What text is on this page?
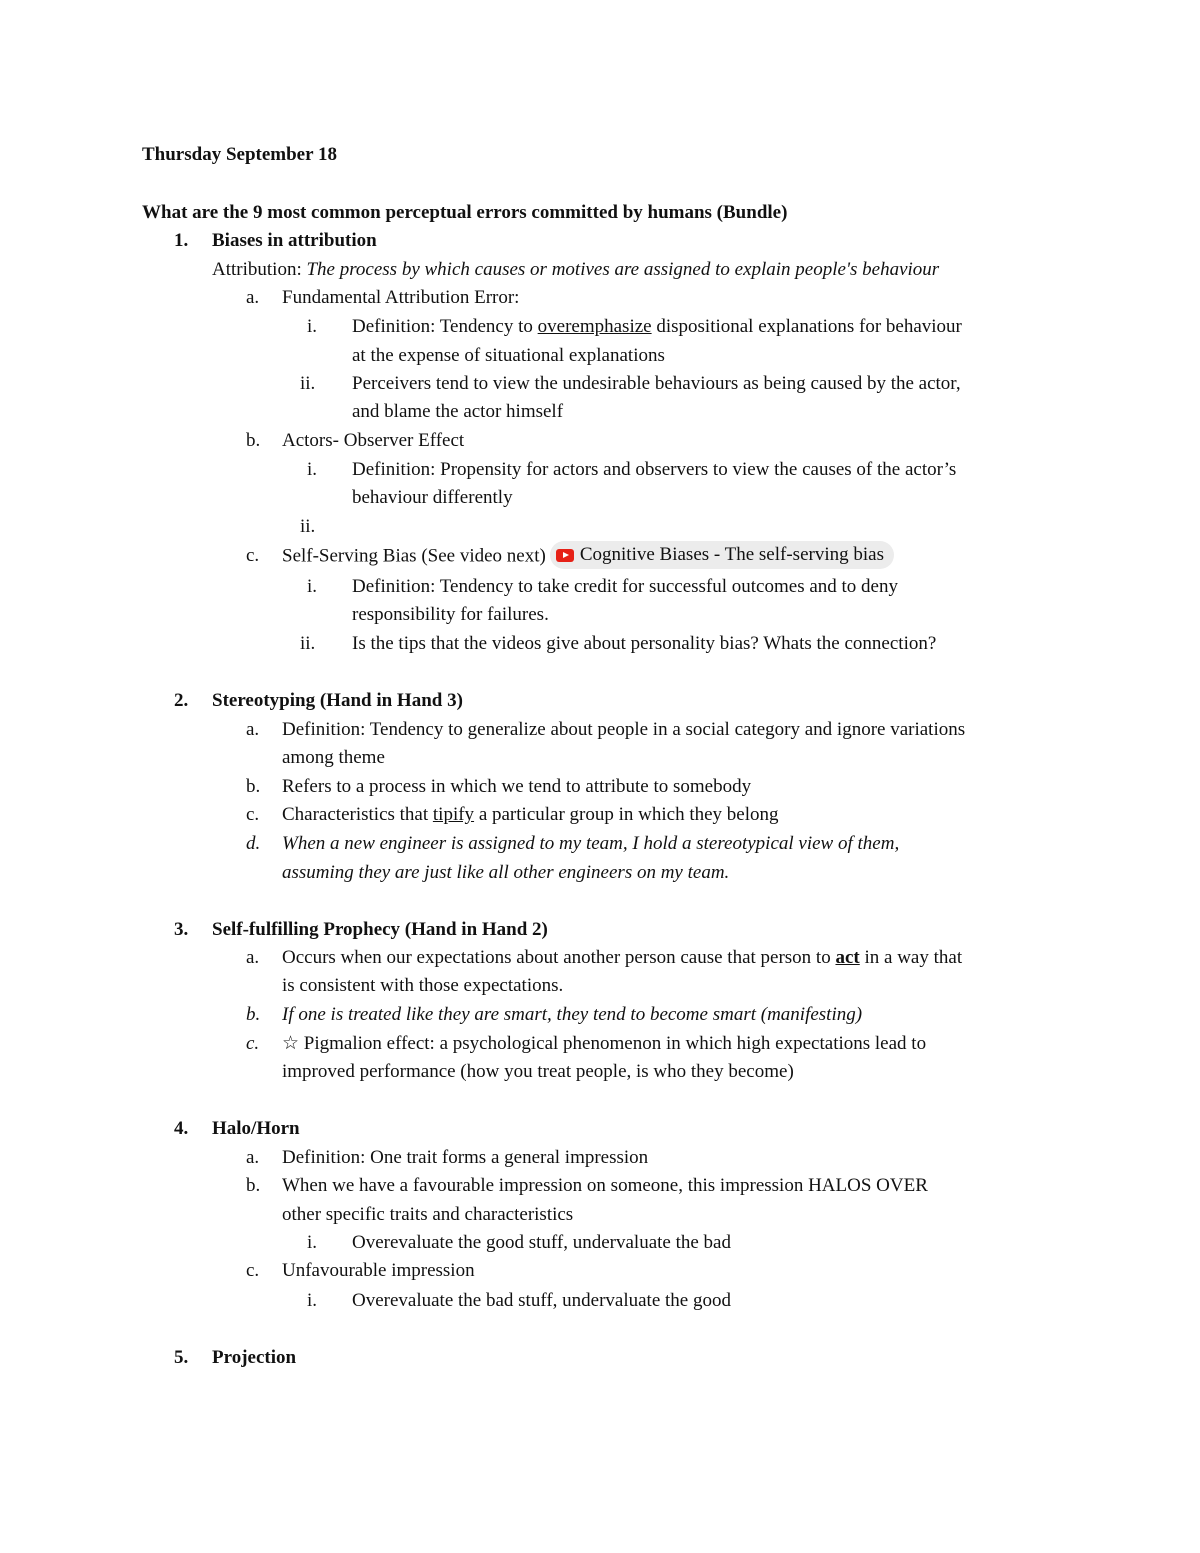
Thursday September 18
What are the 9 most common perceptual errors committed by humans (Bundle)
1. Biases in attribution
Attribution: The process by which causes or motives are assigned to explain people's behaviour
a. Fundamental Attribution Error:
i. Definition: Tendency to overemphasize dispositional explanations for behaviour
at the expense of situational explanations
ii. Perceivers tend to view the undesirable behaviours as being caused by the actor,
and blame the actor himself
b. Actors- Observer Effect
i. Definition: Propensity for actors and observers to view the causes of the actor’s
behaviour differently
ii.
c. Self-Serving Bias (See video next) Cognitive Biases - The self-serving bias
i. Definition: Tendency to take credit for successful outcomes and to deny
responsibility for failures.
ii. Is the tips that the videos give about personality bias? Whats the connection?
2. Stereotyping (Hand in Hand 3)
a. Definition: Tendency to generalize about people in a social category and ignore variations
among theme
b. Refers to a process in which we tend to attribute to somebody
c. Characteristics that tipify a particular group in which they belong
d. When a new engineer is assigned to my team, I hold a stereotypical view of them,
assuming they are just like all other engineers on my team.
3. Self-fulfilling Prophecy (Hand in Hand 2)
a. Occurs when our expectations about another person cause that person to act in a way that
is consistent with those expectations.
b. If one is treated like they are smart, they tend to become smart (manifesting)
c. ☆ Pigmalion effect: a psychological phenomenon in which high expectations lead to
improved performance (how you treat people, is who they become)
4. Halo/Horn
a. Definition: One trait forms a general impression
b. When we have a favourable impression on someone, this impression HALOS OVER
other specific traits and characteristics
i. Overevaluate the good stuff, undervaluate the bad
c. Unfavourable impression
i. Overevaluate the bad stuff, undervaluate the good
5. Projection
